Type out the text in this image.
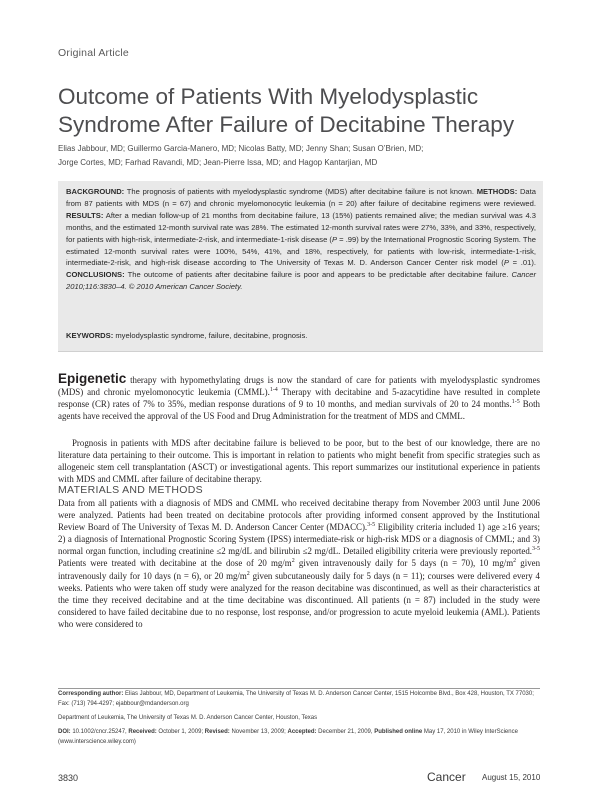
Original Article
Outcome of Patients With Myelodysplastic Syndrome After Failure of Decitabine Therapy
Elias Jabbour, MD; Guillermo Garcia-Manero, MD; Nicolas Batty, MD; Jenny Shan; Susan O’Brien, MD;
Jorge Cortes, MD; Farhad Ravandi, MD; Jean-Pierre Issa, MD; and Hagop Kantarjian, MD
BACKGROUND: The prognosis of patients with myelodysplastic syndrome (MDS) after decitabine failure is not known. METHODS: Data from 87 patients with MDS (n = 67) and chronic myelomonocytic leukemia (n = 20) after failure of decitabine regimens were reviewed. RESULTS: After a median follow-up of 21 months from decitabine failure, 13 (15%) patients remained alive; the median survival was 4.3 months, and the estimated 12-month survival rate was 28%. The estimated 12-month survival rates were 27%, 33%, and 33%, respectively, for patients with high-risk, intermediate-2-risk, and intermediate-1-risk disease (P = .99) by the International Prognostic Scoring System. The estimated 12-month survival rates were 100%, 54%, 41%, and 18%, respectively, for patients with low-risk, intermediate-1-risk, intermediate-2-risk, and high-risk disease according to The University of Texas M. D. Anderson Cancer Center risk model (P = .01). CONCLUSIONS: The outcome of patients after decitabine failure is poor and appears to be predictable after decitabine failure. Cancer 2010;116:3830–4. © 2010 American Cancer Society.
KEYWORDS: myelodysplastic syndrome, failure, decitabine, prognosis.
Epigenetic therapy with hypomethylating drugs is now the standard of care for patients with myelodysplastic syndromes (MDS) and chronic myelomonocytic leukemia (CMML).$^{1-4}$ Therapy with decitabine and 5-azacytidine have resulted in complete response (CR) rates of 7% to 35%, median response durations of 9 to 10 months, and median survivals of 20 to 24 months.$^{1-5}$ Both agents have received the approval of the US Food and Drug Administration for the treatment of MDS and CMML.
Prognosis in patients with MDS after decitabine failure is believed to be poor, but to the best of our knowledge, there are no literature data pertaining to their outcome. This is important in relation to patients who might benefit from specific strategies such as allogeneic stem cell transplantation (ASCT) or investigational agents. This report summarizes our institutional experience in patients with MDS and CMML after failure of decitabine therapy.
MATERIALS AND METHODS
Data from all patients with a diagnosis of MDS and CMML who received decitabine therapy from November 2003 until June 2006 were analyzed. Patients had been treated on decitabine protocols after providing informed consent approved by the Institutional Review Board of The University of Texas M. D. Anderson Cancer Center (MDACC).$^{3-5}$ Eligibility criteria included 1) age ≥16 years; 2) a diagnosis of International Prognostic Scoring System (IPSS) intermediate-risk or high-risk MDS or a diagnosis of CMML; and 3) normal organ function, including creatinine ≤2 mg/dL and bilirubin ≤2 mg/dL. Detailed eligibility criteria were previously reported.$^{3-5}$ Patients were treated with decitabine at the dose of 20 $mg/m^2$ given intravenously daily for 5 days (n = 70), 10 $mg/m^2$ given intravenously daily for 10 days (n = 6), or 20 $mg/m^2$ given subcutaneously daily for 5 days (n = 11); courses were delivered every 4 weeks. Patients who were taken off study were analyzed for the reason decitabine was discontinued, as well as their characteristics at the time they received decitabine and at the time decitabine was discontinued. All patients (n = 87) included in the study were considered to have failed decitabine due to no response, lost response, and/or progression to acute myeloid leukemia (AML). Patients who were considered to
Corresponding author: Elias Jabbour, MD, Department of Leukemia, The University of Texas M. D. Anderson Cancer Center, 1515 Holcombe Blvd., Box 428, Houston, TX 77030; Fax: (713) 794-4297; ejabbour@mdanderson.org
Department of Leukemia, The University of Texas M. D. Anderson Cancer Center, Houston, Texas
DOI: 10.1002/cncr.25247, Received: October 1, 2009; Revised: November 13, 2009; Accepted: December 21, 2009, Published online May 17, 2010 in Wiley InterScience (www.interscience.wiley.com)
3830	Cancer August 15, 2010
